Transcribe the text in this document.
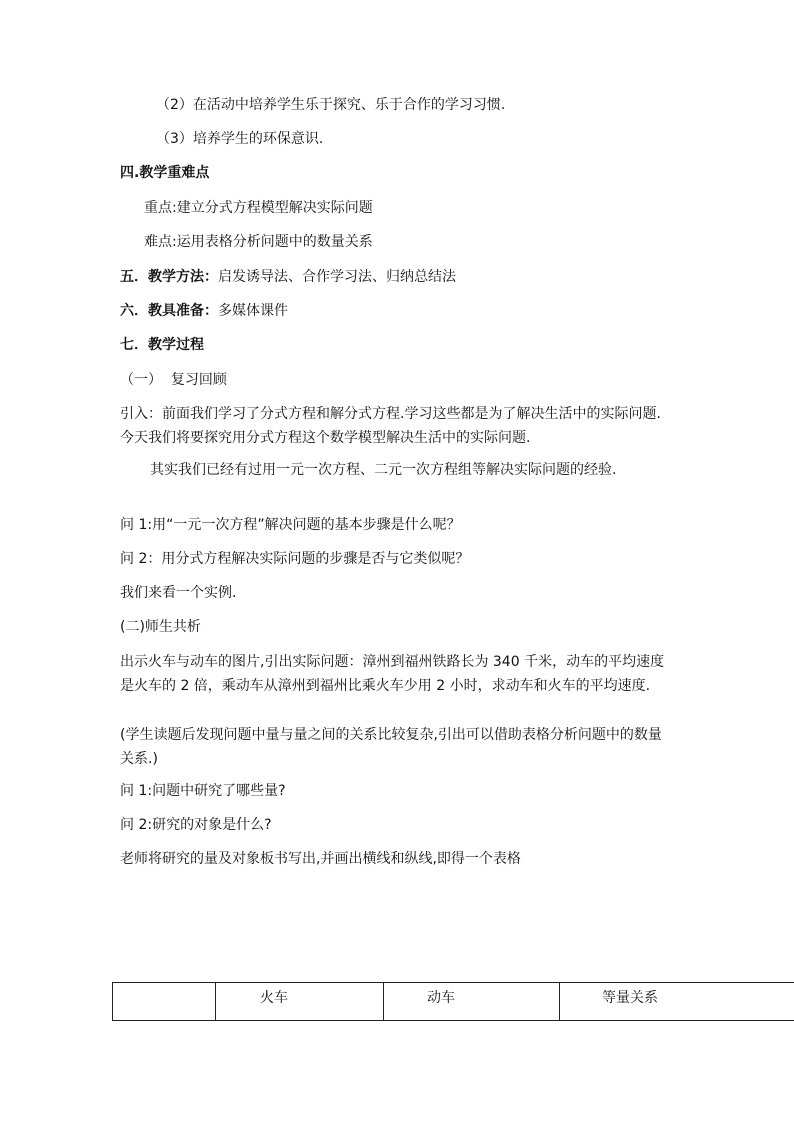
（2）在活动中培养学生乐于探究、乐于合作的学习习惯.
（3）培养学生的环保意识.
四.教学重难点
重点:建立分式方程模型解决实际问题
难点:运用表格分析问题中的数量关系
五．教学方法：启发诱导法、合作学习法、归纳总结法
六．教具准备：多媒体课件
七．教学过程
（一）  复习回顾
引入：前面我们学习了分式方程和解分式方程.学习这些都是为了解决生活中的实际问题.今天我们将要探究用分式方程这个数学模型解决生活中的实际问题.
其实我们已经有过用一元一次方程、二元一次方程组等解决实际问题的经验.
问 1:用“一元一次方程”解决问题的基本步骤是什么呢？
问 2：用分式方程解决实际问题的步骤是否与它类似呢？
我们来看一个实例.
(二)师生共析
出示火车与动车的图片,引出实际问题：漳州到福州铁路长为 340 千米，动车的平均速度是火车的 2 倍，乘动车从漳州到福州比乘火车少用 2 小时，求动车和火车的平均速度.
(学生读题后发现问题中量与量之间的关系比较复杂,引出可以借助表格分析问题中的数量关系.)
问 1:问题中研究了哪些量?
问 2:研究的对象是什么?
老师将研究的量及对象板书写出,并画出横线和纵线,即得一个表格
	火车	动车	等量关系
